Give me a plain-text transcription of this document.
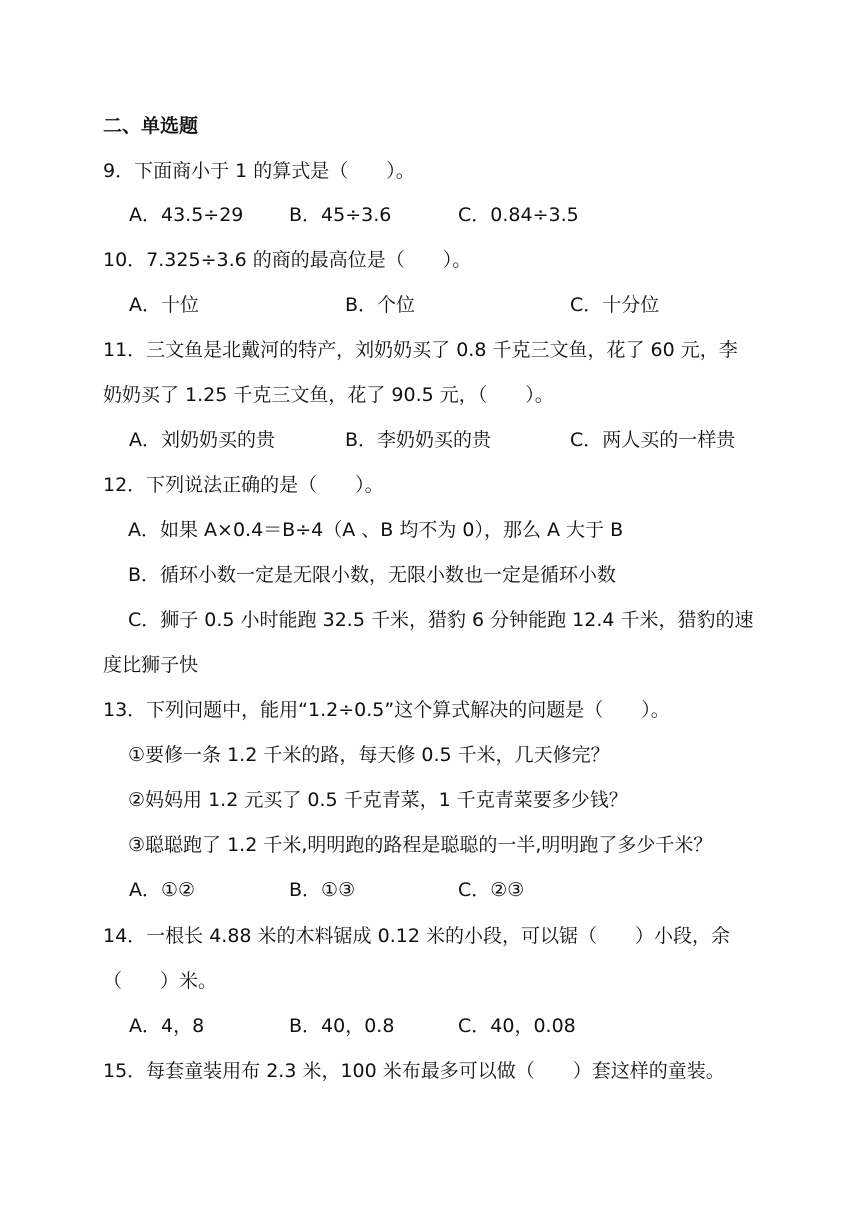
二、单选题
9．下面商小于 1 的算式是（　　）。
A．43.5÷29 B．45÷3.6	C．0.84÷3.5
10．7.325÷3.6 的商的最高位是（　　）。
A．十位	B．个位	C．十分位
11．三文鱼是北戴河的特产，刘奶奶买了 0.8 千克三文鱼，花了 60 元，李
奶奶买了 1.25 千克三文鱼，花了 90.5 元，（　　）。
A．刘奶奶买的贵	B．李奶奶买的贵	C．两人买的一样贵
12．下列说法正确的是（　　）。
A．如果 A×0.4＝B÷4（A 、B 均不为 0），那么 A 大于 B
B．循环小数一定是无限小数，无限小数也一定是循环小数
C．狮子 0.5 小时能跑 32.5 千米，猎豹 6 分钟能跑 12.4 千米，猎豹的速
度比狮子快
13．下列问题中，能用“1.2÷0.5”这个算式解决的问题是（　　）。
①要修一条 1.2 千米的路，每天修 0.5 千米，几天修完？
②妈妈用 1.2 元买了 0.5 千克青菜，1 千克青菜要多少钱？
③聪聪跑了 1.2 千米,明明跑的路程是聪聪的一半,明明跑了多少千米？
A．①②	B．①③	C．②③
14．一根长 4.88 米的木料锯成 0.12 米的小段，可以锯（　　）小段，余
（　　）米。
A．4，8	B．40，0.8	C．40，0.08
15．每套童装用布 2.3 米，100 米布最多可以做（　　）套这样的童装。
